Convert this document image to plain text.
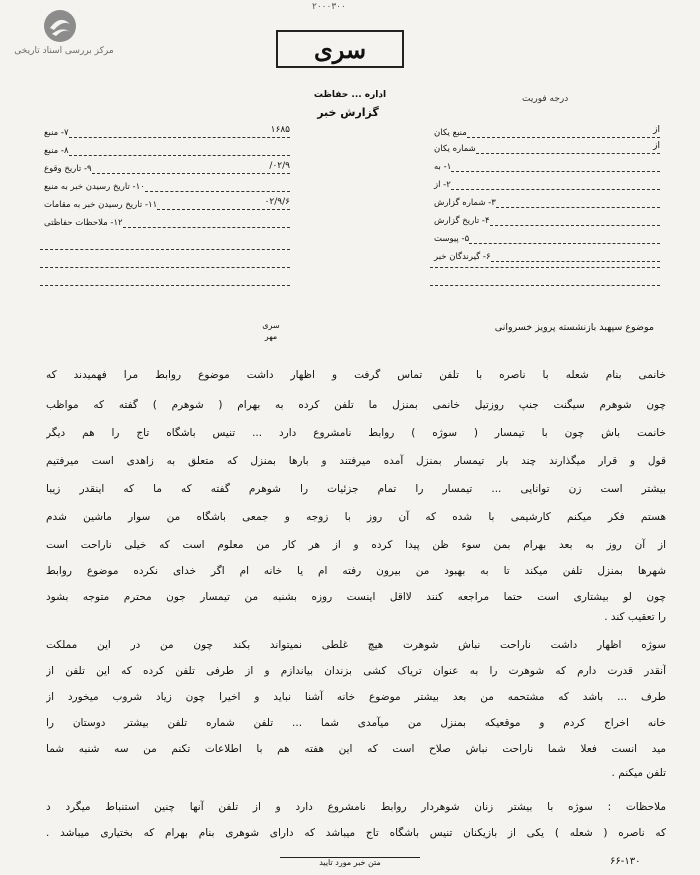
مرکز بررسی اسناد تاریخی
۲۰۰۰۳۰۰
سری
درجه فوریت
اداره ... حفاظت
گزارش خبر
منبع یکان	از
شماره یکان	از
۱- به
۲- از
۳- شماره گزارش
۴- تاریخ گزارش
۵- پیوست
۶- گیرندگان خبر
۷- منبع	۱۶۸۵
۸- منبع
۹- تاریخ وقوع	۰۲/۹/
۱۰- تاریخ رسیدن خبر به منبع
۱۱- تاریخ رسیدن خبر به مقامات	۰۲/۹/۶
۱۲- ملاحظات حفاظتی
سری
مهر
موضوع سپهبد بازنشسته پرویز خسروانی
خانمی بنام شعله با ناصره با تلفن تماس گرفت و اظهار داشت موضوع روابط مرا فهمیدند که
چون شوهرم سیگنت جنپ روزتیل خانمی بمنزل ما تلفن کرده به بهرام ( شوهرم ) گفته که مواظب
خانمت باش چون با تیمسار ( سوژه ) روابط نامشروع دارد ... تنیس باشگاه تاج را هم دیگر
قول و قرار میگذارند چند بار تیمسار بمنزل آمده میرفتند و بارها بمنزل که متعلق به زاهدی است میرفتیم
بیشتر است زن توانایی ... تیمسار را تمام جزئیات را شوهرم گفته که ما که اینقدر زیبا
هستم فکر میکنم کارشیمی با شده که آن روز با زوجه و جمعی باشگاه من سوار ماشین شدم
از آن روز به بعد بهرام بمن سوء ظن پیدا کرده و از هر کار من معلوم است که خیلی ناراحت است
شهرها بمنزل تلفن میکند تا به بهبود من بیرون رفته ام یا خانه ام اگر خدای نکرده موضوع روابط
چون لو بیشتاری است حتما مراجعه کنند لااقل اینست روزه بشنبه من تیمسار جون محترم متوجه بشود
را تعقیب کند .
سوژه اظهار داشت ناراحت نباش شوهرت هیچ غلطی نمیتواند بکند چون من در این مملکت
آنقدر قدرت دارم که شوهرت را به عنوان تریاک کشی بزندان بیاندازم و از طرفی تلفن کرده که این تلفن از
طرف ... باشد که مشتحمه من بعد بیشتر موضوع خانه آشنا نباید و اخیرا چون زیاد شروب میخورد از
خانه اخراج کردم و موقعیکه بمنزل من میآمدی شما ... تلفن شماره تلفن بیشتر دوستان را
مید انست فعلا شما ناراحت نباش صلاح است که این هفته هم با اطلاعات تکنم من سه شنبه شما
تلفن میکنم .
ملاحظات : سوژه با بیشتر زنان شوهردار روابط نامشروع دارد و از تلفن آنها چنین استنباط میگرد د
که ناصره ( شعله ) یکی از بازیکنان تنیس باشگاه تاج میباشد که دارای شوهری بنام بهرام که بختیاری میباشد .
متن خبر مورد تایید	۶۶-۱۳۰
